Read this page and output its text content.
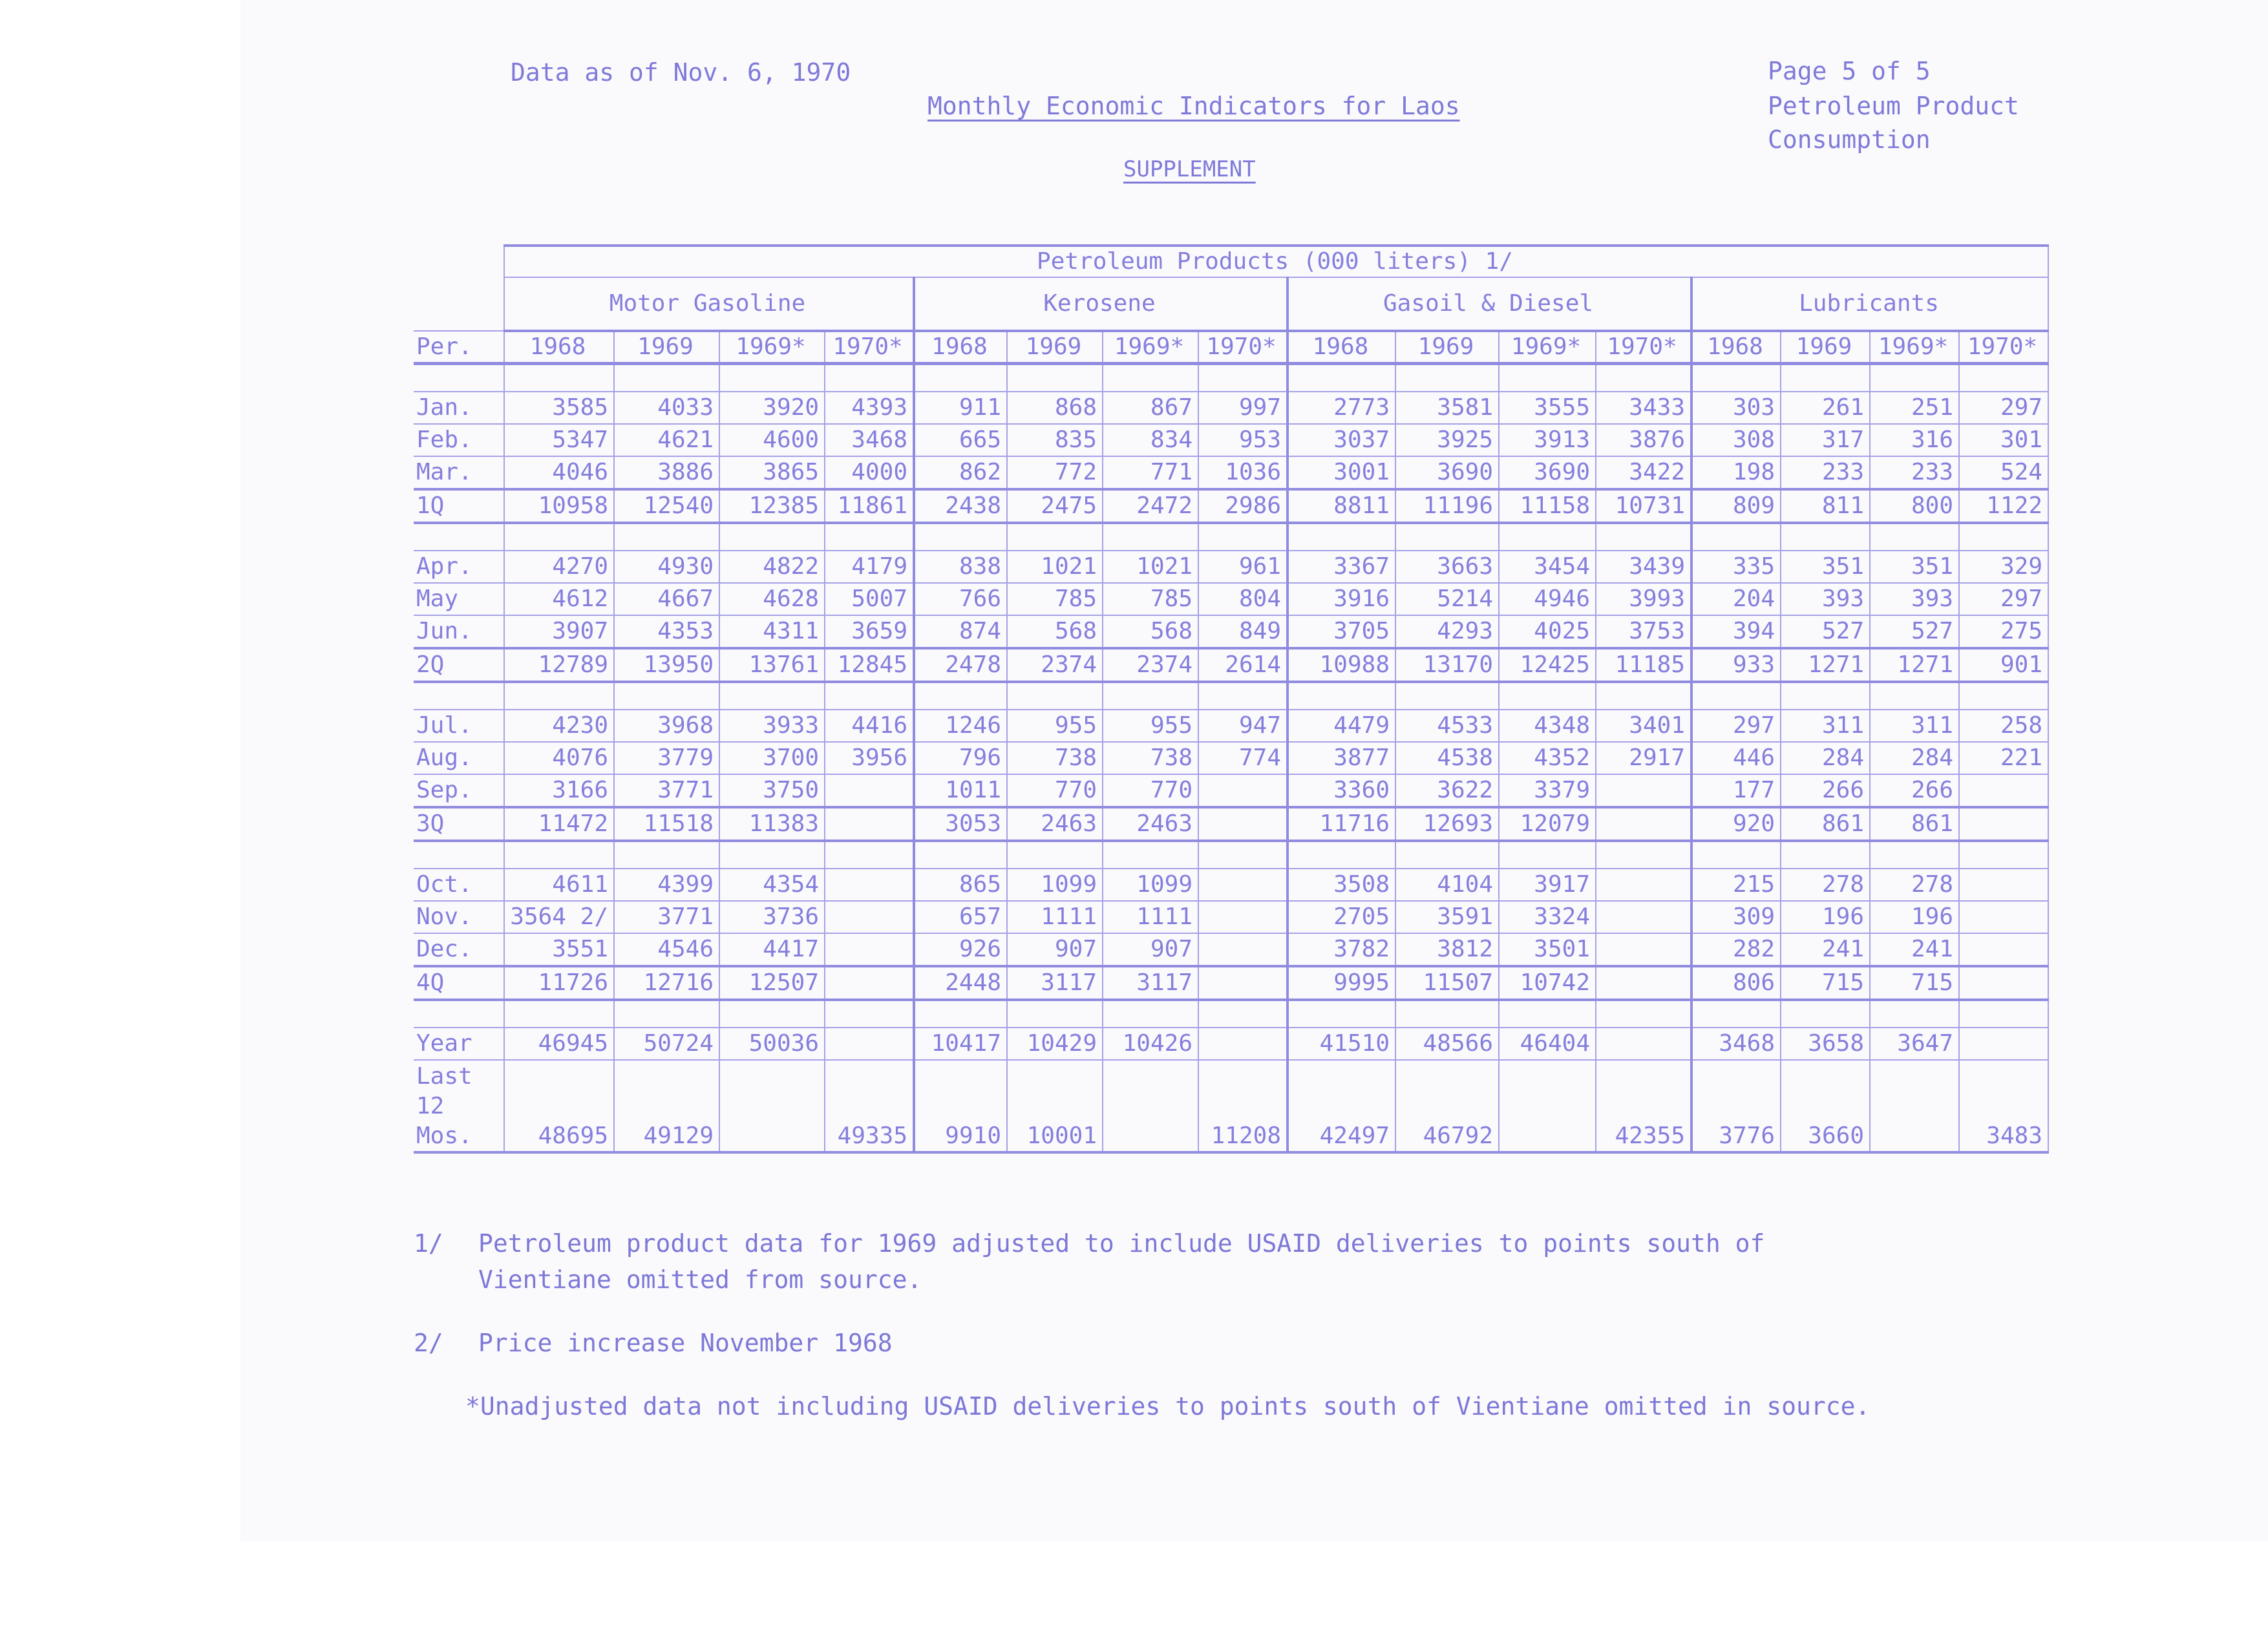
Data as of Nov. 6, 1970
Monthly Economic Indicators for Laos
SUPPLEMENT
Page 5 of 5
Petroleum Product
Consumption
	Petroleum Products (000 liters) 1/															
	Motor Gasoline				Kerosene				Gasoil & Diesel				Lubricants			
Per.	1968	1969	1969*	1970*	1968	1969	1969*	1970*	1968	1969	1969*	1970*	1968	1969	1969*	1970*

Jan.	3585	4033	3920	4393	911	868	867	997	2773	3581	3555	3433	303	261	251	297
Feb.	5347	4621	4600	3468	665	835	834	953	3037	3925	3913	3876	308	317	316	301
Mar.	4046	3886	3865	4000	862	772	771	1036	3001	3690	3690	3422	198	233	233	524
1Q	10958	12540	12385	11861	2438	2475	2472	2986	8811	11196	11158	10731	809	811	800	1122

Apr.	4270	4930	4822	4179	838	1021	1021	961	3367	3663	3454	3439	335	351	351	329
May	4612	4667	4628	5007	766	785	785	804	3916	5214	4946	3993	204	393	393	297
Jun.	3907	4353	4311	3659	874	568	568	849	3705	4293	4025	3753	394	527	527	275
2Q	12789	13950	13761	12845	2478	2374	2374	2614	10988	13170	12425	11185	933	1271	1271	901

Jul.	4230	3968	3933	4416	1246	955	955	947	4479	4533	4348	3401	297	311	311	258
Aug.	4076	3779	3700	3956	796	738	738	774	3877	4538	4352	2917	446	284	284	221
Sep.	3166	3771	3750		1011	770	770		3360	3622	3379		177	266	266	
3Q	11472	11518	11383		3053	2463	2463		11716	12693	12079		920	861	861	

Oct.	4611	4399	4354		865	1099	1099		3508	4104	3917		215	278	278	
Nov.	3564 2/	3771	3736		657	1111	1111		2705	3591	3324		309	196	196	
Dec.	3551	4546	4417		926	907	907		3782	3812	3501		282	241	241	
4Q	11726	12716	12507		2448	3117	3117		9995	11507	10742		806	715	715	

Year	46945	50724	50036		10417	10429	10426		41510	48566	46404		3468	3658	3647	
Last 12 Mos.	48695	49129		49335	9910	10001		11208	42497	46792		42355	3776	3660		3483
1/ Petroleum product data for 1969 adjusted to include USAID deliveries to points south of
Vientiane omitted from source.
2/ Price increase November 1968
*Unadjusted data not including USAID deliveries to points south of Vientiane omitted in source.
